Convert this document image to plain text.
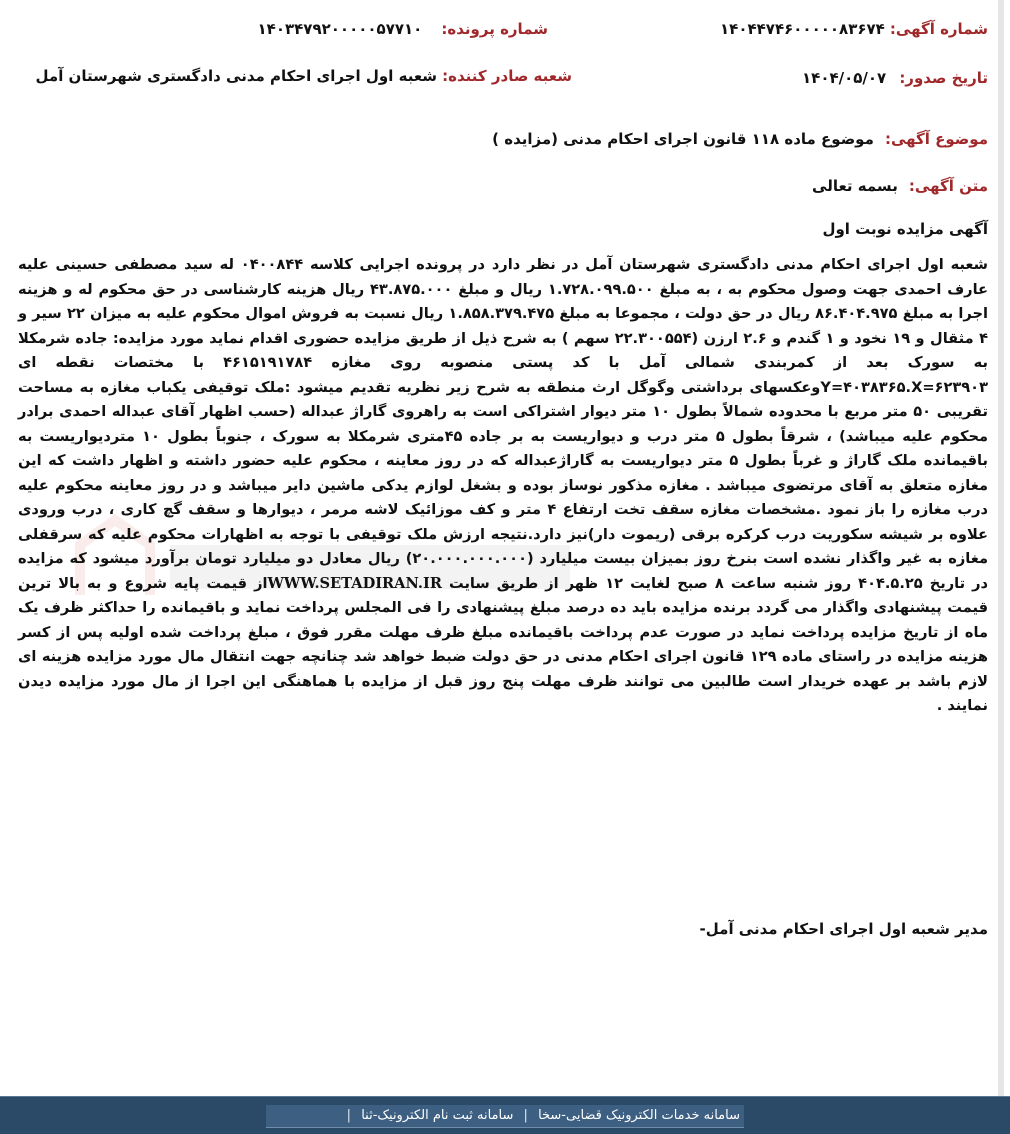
شماره آگهی: ۱۴۰۴۴۷۴۶۰۰۰۰۰۸۳۶۷۴
شماره پرونده: ۱۴۰۳۴۷۹۲۰۰۰۰۰۵۷۷۱۰
تاریخ صدور: ۱۴۰۴/۰۵/۰۷
شعبه صادر کننده: شعبه اول اجرای احکام مدنی دادگستری شهرستان آمل
موضوع آگهی: موضوع ماده ۱۱۸ قانون اجرای احکام مدنی (مزایده )
متن آگهی: بسمه تعالی
آگهی مزایده نوبت اول

شعبه اول اجرای احکام مدنی دادگستری شهرستان آمل در نظر دارد در پرونده اجرایی کلاسه ۰۴۰۰۸۴۴ له سید مصطفی حسینی علیه عارف احمدی جهت وصول محکوم به ، به مبلغ ۱.۷۲۸.۰۹۹.۵۰۰ ریال و مبلغ ۴۳.۸۷۵.۰۰۰ ریال هزینه کارشناسی در حق محکوم له و هزینه اجرا به مبلغ ۸۶.۴۰۴.۹۷۵ ریال در حق دولت ، مجموعا به مبلغ ۱.۸۵۸.۳۷۹.۴۷۵ ریال نسبت به فروش اموال محکوم علیه به میزان ۲۲ سیر و ۴ مثقال و ۱۹ نخود و ۱ گندم و ۲.۶ ارزن (۲۲.۳۰۰۵۵۴ سهم ) به شرح ذیل از طریق مزایده حضوری اقدام نماید مورد مزایده: جاده شرمکلا به سورک بعد از کمربندی شمالی آمل با کد پستی منصوبه روی مغازه ۴۶۱۵۱۹۱۷۸۴ با مختصات نقطه ای Y=۴۰۳۸۳۶۵.X=۶۲۳۹۰۳وعکسهای برداشتی وگوگل ارث منطقه به شرح زیر نظریه تقدیم میشود :ملک توقیفی یکباب مغازه به مساحت تقریبی ۵۰ متر مربع با محدوده شمالاً بطول ۱۰ متر دیوار اشتراکی است به راهروی گاراژ عبداله (حسب اظهار آقای عبداله احمدی برادر محکوم علیه میباشد) ، شرقاً بطول ۵ متر درب و دیواریست به بر جاده ۴۵متری شرمکلا به سورک ، جنوباً بطول ۱۰ متردیواریست به باقیمانده ملک گاراژ و غرباً بطول ۵ متر دیواریست به گاراژعبداله که در روز معاینه ، محکوم علیه حضور داشته و اظهار داشت که این مغازه متعلق به آقای مرتضوی میباشد . مغازه مذکور نوساز بوده و بشغل لوازم یدکی ماشین دایر میباشد و در روز معاینه محکوم علیه درب مغازه را باز نمود .مشخصات مغازه سقف تخت ارتفاع ۴ متر و کف موزائیک لاشه مرمر ، دیوارها و سقف گچ کاری ، درب ورودی علاوه بر شیشه سکوریت درب کرکره برقی (ریموت دار)نیز دارد.نتیجه ارزش ملک توقیفی با توجه به اظهارات محکوم علیه که سرقفلی مغازه به غیر واگذار نشده است بنرخ روز بمیزان بیست میلیارد (۲۰.۰۰۰.۰۰۰.۰۰۰) ریال معادل دو میلیارد تومان برآورد میشود که مزایده در تاریخ ۴۰۴.۵.۲۵ روز شنبه ساعت ۸ صبح لغایت ۱۲ ظهر از طریق سایت WWW.SETADIRAN.IRاز قیمت پایه شروع و به بالا ترین قیمت پیشنهادی واگذار می گردد برنده مزایده باید ده درصد مبلغ پیشنهادی را فی المجلس پرداخت نماید و باقیمانده را حداکثر ظرف یک ماه از تاریخ مزایده پرداخت نماید در صورت عدم پرداخت باقیمانده مبلغ ظرف مهلت مقرر فوق ، مبلغ پرداخت شده اولیه پس از کسر هزینه مزایده در راستای ماده ۱۲۹ قانون اجرای احکام مدنی در حق دولت ضبط خواهد شد چنانچه جهت انتقال مال مورد مزایده هزینه ای لازم باشد بر عهده خریدار است طالبین می توانند ظرف مهلت پنج روز قبل از مزایده با هماهنگی این اجرا از مال مورد مزایده دیدن نمایند .

مدیر شعبه اول اجرای احکام مدنی آمل-
سامانه خدمات الکترونیک قضایی-سخا | سامانه ثبت نام الکترونیک-ثنا |
